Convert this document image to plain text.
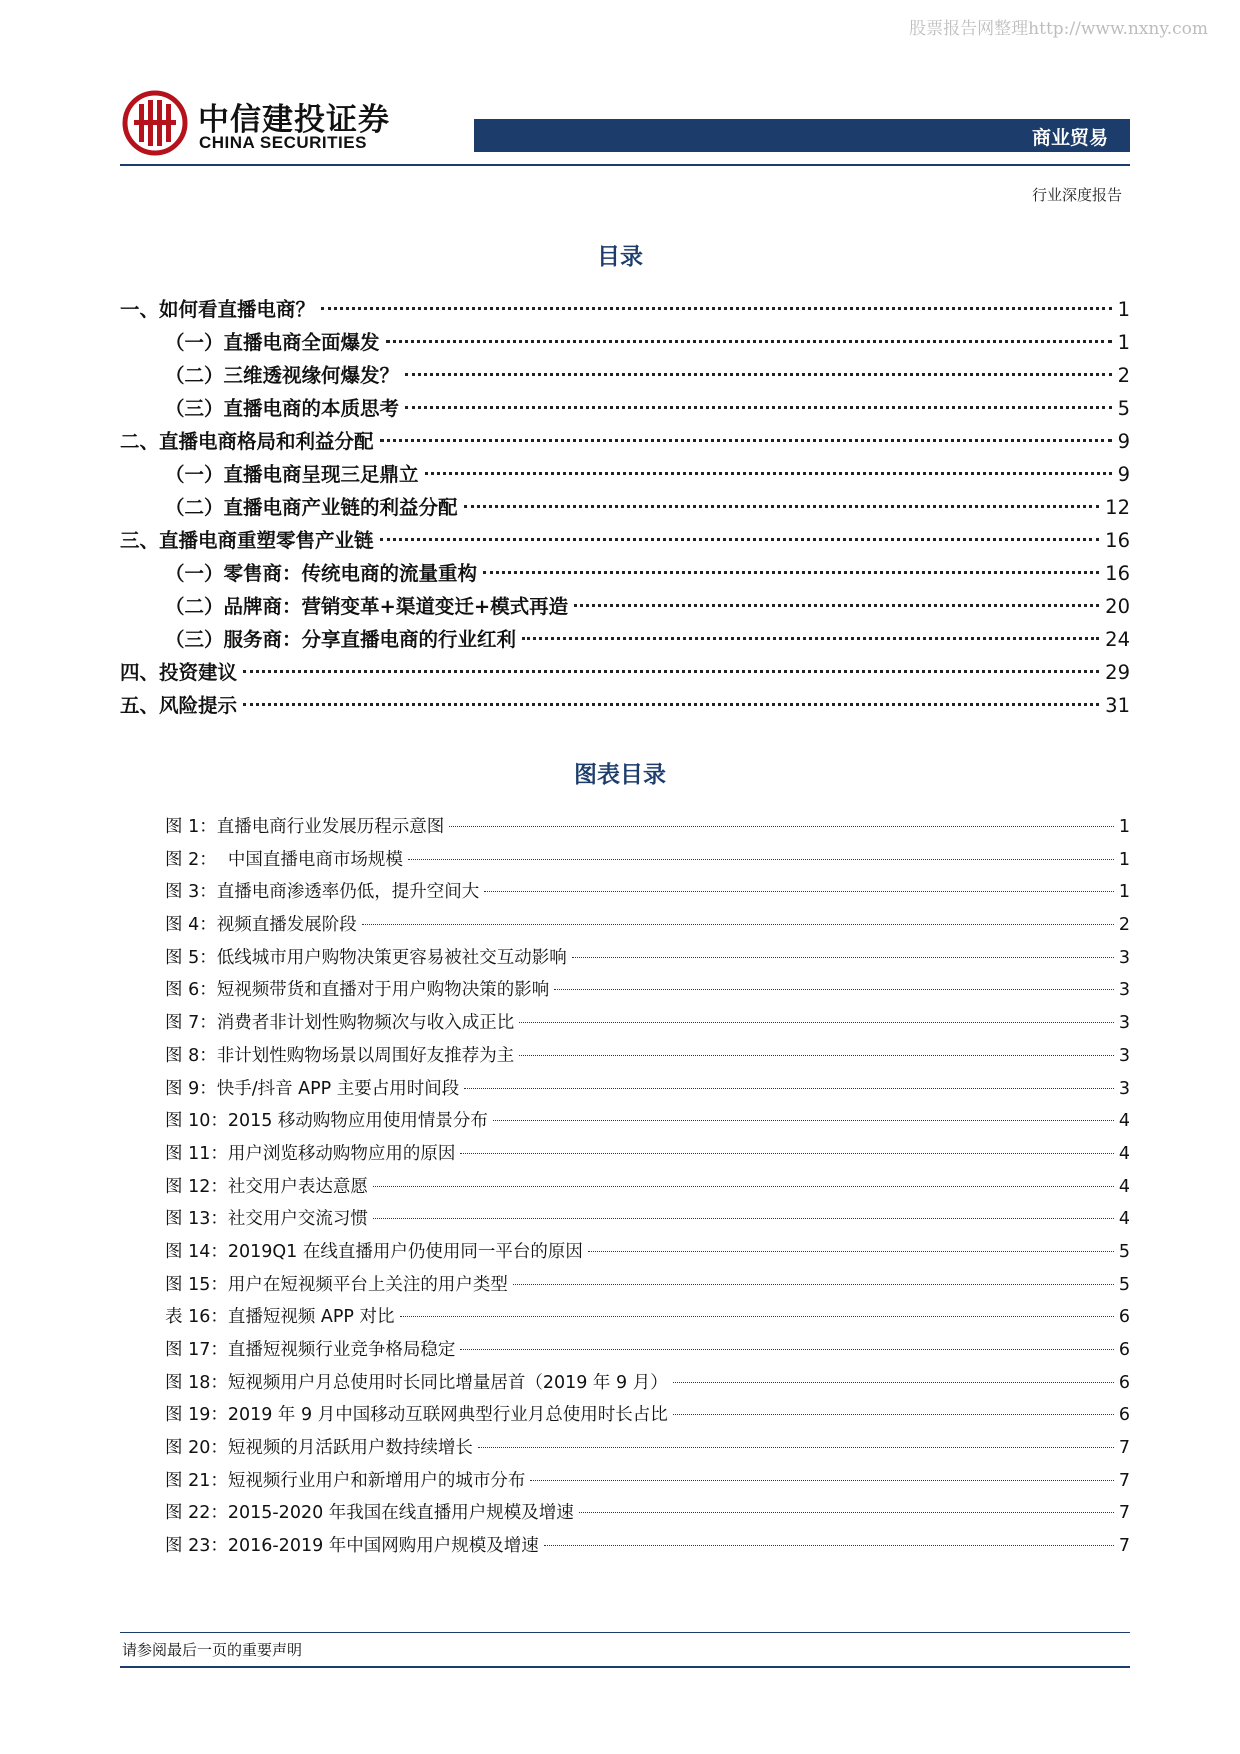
股票报告网整理http://www.nxny.com
中信建投证券
CHINA SECURITIES	商业贸易
行业深度报告
目录
一、如何看直播电商？	1
（一）直播电商全面爆发	1
（二）三维透视缘何爆发？	2
（三）直播电商的本质思考	5
二、直播电商格局和利益分配	9
（一）直播电商呈现三足鼎立	9
（二）直播电商产业链的利益分配	12
三、直播电商重塑零售产业链	16
（一）零售商：传统电商的流量重构	16
（二）品牌商：营销变革+渠道变迁+模式再造	20
（三）服务商：分享直播电商的行业红利	24
四、投资建议	29
五、风险提示	31
图表目录
图 1：直播电商行业发展历程示意图	1
图 2：  中国直播电商市场规模	1
图 3：直播电商渗透率仍低，提升空间大	1
图 4：视频直播发展阶段	2
图 5：低线城市用户购物决策更容易被社交互动影响	3
图 6：短视频带货和直播对于用户购物决策的影响	3
图 7：消费者非计划性购物频次与收入成正比	3
图 8：非计划性购物场景以周围好友推荐为主	3
图 9：快手/抖音 APP 主要占用时间段	3
图 10：2015 移动购物应用使用情景分布	4
图 11：用户浏览移动购物应用的原因	4
图 12：社交用户表达意愿	4
图 13：社交用户交流习惯	4
图 14：2019Q1 在线直播用户仍使用同一平台的原因	5
图 15：用户在短视频平台上关注的用户类型	5
表 16：直播短视频 APP 对比	6
图 17：直播短视频行业竞争格局稳定	6
图 18：短视频用户月总使用时长同比增量居首（2019 年 9 月）	6
图 19：2019 年 9 月中国移动互联网典型行业月总使用时长占比	6
图 20：短视频的月活跃用户数持续增长	7
图 21：短视频行业用户和新增用户的城市分布	7
图 22：2015-2020 年我国在线直播用户规模及增速	7
图 23：2016-2019 年中国网购用户规模及增速	7
请参阅最后一页的重要声明
